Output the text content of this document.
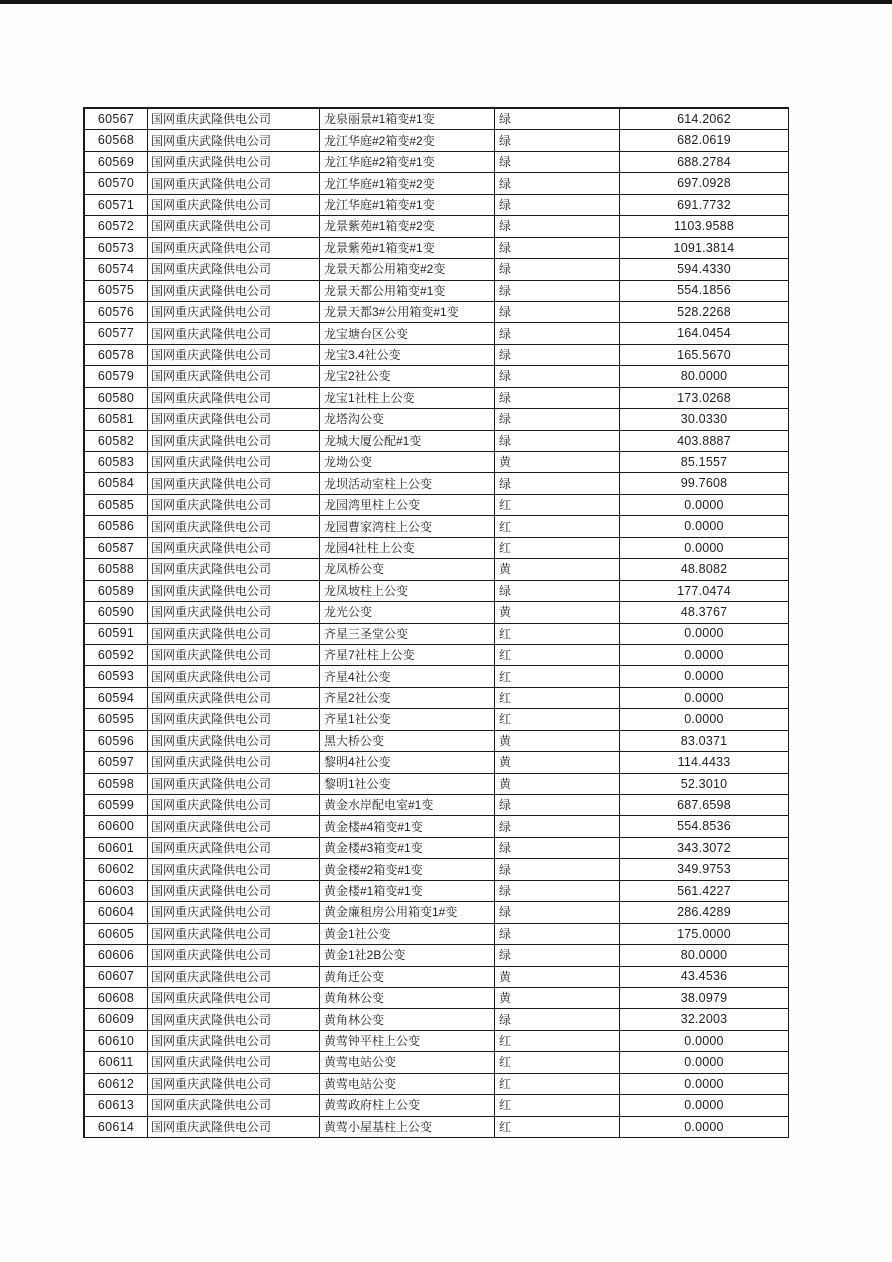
60567	国网重庆武隆供电公司	龙泉丽景#1箱变#1变	绿	614.2062
60568	国网重庆武隆供电公司	龙江华庭#2箱变#2变	绿	682.0619
60569	国网重庆武隆供电公司	龙江华庭#2箱变#1变	绿	688.2784
60570	国网重庆武隆供电公司	龙江华庭#1箱变#2变	绿	697.0928
60571	国网重庆武隆供电公司	龙江华庭#1箱变#1变	绿	691.7732
60572	国网重庆武隆供电公司	龙景紫苑#1箱变#2变	绿	1103.9588
60573	国网重庆武隆供电公司	龙景紫苑#1箱变#1变	绿	1091.3814
60574	国网重庆武隆供电公司	龙景天都公用箱变#2变	绿	594.4330
60575	国网重庆武隆供电公司	龙景天都公用箱变#1变	绿	554.1856
60576	国网重庆武隆供电公司	龙景天都3#公用箱变#1变	绿	528.2268
60577	国网重庆武隆供电公司	龙宝塘台区公变	绿	164.0454
60578	国网重庆武隆供电公司	龙宝3.4社公变	绿	165.5670
60579	国网重庆武隆供电公司	龙宝2社公变	绿	80.0000
60580	国网重庆武隆供电公司	龙宝1社柱上公变	绿	173.0268
60581	国网重庆武隆供电公司	龙塔沟公变	绿	30.0330
60582	国网重庆武隆供电公司	龙城大厦公配#1变	绿	403.8887
60583	国网重庆武隆供电公司	龙坳公变	黄	85.1557
60584	国网重庆武隆供电公司	龙坝活动室柱上公变	绿	99.7608
60585	国网重庆武隆供电公司	龙园湾里柱上公变	红	0.0000
60586	国网重庆武隆供电公司	龙园曹家湾柱上公变	红	0.0000
60587	国网重庆武隆供电公司	龙园4社柱上公变	红	0.0000
60588	国网重庆武隆供电公司	龙凤桥公变	黄	48.8082
60589	国网重庆武隆供电公司	龙凤坡柱上公变	绿	177.0474
60590	国网重庆武隆供电公司	龙光公变	黄	48.3767
60591	国网重庆武隆供电公司	齐星三圣堂公变	红	0.0000
60592	国网重庆武隆供电公司	齐星7社柱上公变	红	0.0000
60593	国网重庆武隆供电公司	齐星4社公变	红	0.0000
60594	国网重庆武隆供电公司	齐星2社公变	红	0.0000
60595	国网重庆武隆供电公司	齐星1社公变	红	0.0000
60596	国网重庆武隆供电公司	黑大桥公变	黄	83.0371
60597	国网重庆武隆供电公司	黎明4社公变	黄	114.4433
60598	国网重庆武隆供电公司	黎明1社公变	黄	52.3010
60599	国网重庆武隆供电公司	黄金水岸配电室#1变	绿	687.6598
60600	国网重庆武隆供电公司	黄金楼#4箱变#1变	绿	554.8536
60601	国网重庆武隆供电公司	黄金楼#3箱变#1变	绿	343.3072
60602	国网重庆武隆供电公司	黄金楼#2箱变#1变	绿	349.9753
60603	国网重庆武隆供电公司	黄金楼#1箱变#1变	绿	561.4227
60604	国网重庆武隆供电公司	黄金廉租房公用箱变1#变	绿	286.4289
60605	国网重庆武隆供电公司	黄金1社公变	绿	175.0000
60606	国网重庆武隆供电公司	黄金1社2B公变	绿	80.0000
60607	国网重庆武隆供电公司	黄角迁公变	黄	43.4536
60608	国网重庆武隆供电公司	黄角林公变	黄	38.0979
60609	国网重庆武隆供电公司	黄角林公变	绿	32.2003
60610	国网重庆武隆供电公司	黄莺钟平柱上公变	红	0.0000
60611	国网重庆武隆供电公司	黄莺电站公变	红	0.0000
60612	国网重庆武隆供电公司	黄莺电站公变	红	0.0000
60613	国网重庆武隆供电公司	黄莺政府柱上公变	红	0.0000
60614	国网重庆武隆供电公司	黄莺小屋基柱上公变	红	0.0000
